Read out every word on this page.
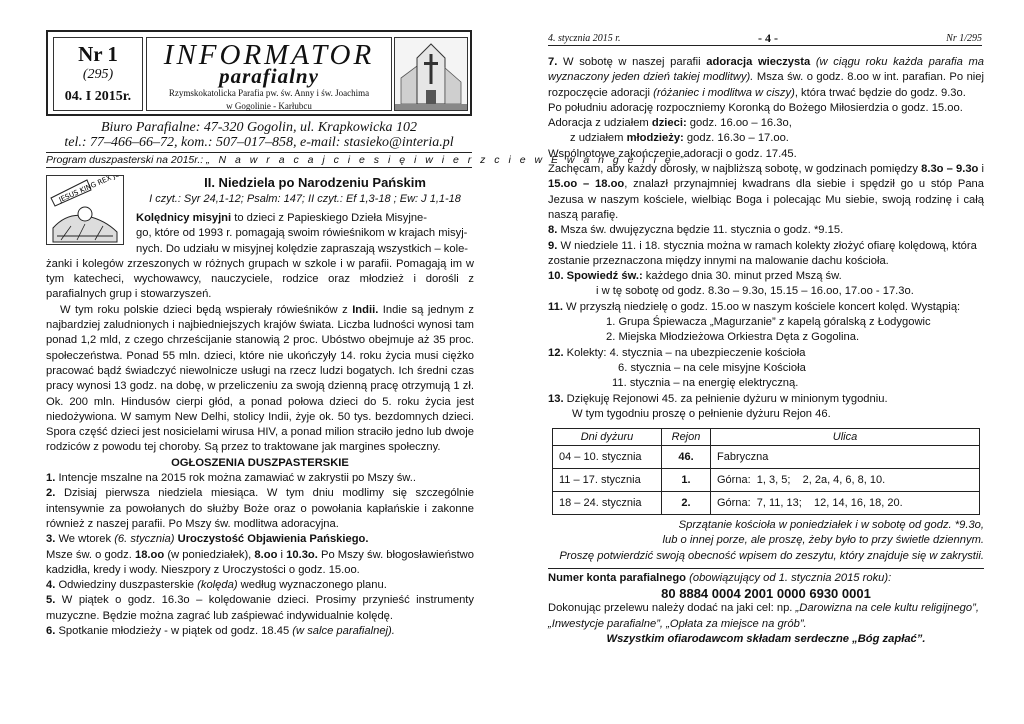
Nr 1
(295)
04. I 2015r.
INFORMATOR
parafialny
Rzymskokatolicka Parafia pw. św. Anny i św. Joachima
w Gogolinie - Karłubcu
Biuro Parafialne: 47-320 Gogolin, ul. Krapkowicka 102
tel.: 77–466–66–72, kom.: 507–017–858, e-mail: stasieko@interia.pl
Program duszpasterski na 2015r.: „ N a w r a c a j c i e s i ę i w i e r z c i e w E w a n g e l i ę ”
JESUS KING REX	II. Niedziela po Narodzeniu Pańskim
I czyt.: Syr 24,1-12; Psalm: 147; II czyt.: Ef 1,3-18 ; Ew: J 1,1-18

Kolędnicy misyjni to dzieci z Papieskiego Dzieła Misyjne-

go, które od 1993 r. pomagają swoim rówieśnikom w krajach misyj-

nych. Do udziału w misyjnej kolędzie zapraszają wszystkich – kole-

żanki i kolegów zrzeszonych w różnych grupach w szkole i w parafii. Pomagają im w tym katecheci, wychowawcy, nauczyciele, rodzice oraz młodzież i dorośli z parafialnych grup i stowarzyszeń.

W tym roku polskie dzieci będą wspierały rówieśników z Indii. Indie są jednym z najbardziej zaludnionych i najbiedniejszych krajów świata. Liczba ludności wynosi tam ponad 1,2 mld, z czego chrześcijanie stanowią 2 proc. Ubóstwo obejmuje aż 35 proc. społeczeństwa. Ponad 55 mln. dzieci, które nie ukończyły 14. roku życia musi ciężko pracować bądź świadczyć niewolnicze usługi na rzecz ludzi bogatych. Ich średni czas pracy wynosi 13 godz. na dobę, w przeliczeniu za swoją dzienną pracę otrzymują 1 zł. Ok. 200 mln. Hindusów cierpi głód, a ponad połowa dzieci do 5. roku życia jest niedożywiona. W samym New Delhi, stolicy Indii, żyje ok. 50 tys. bezdomnych dzieci. Spora część dzieci jest nosicielami wirusa HIV, a ponad milion straciło jedno lub dwoje rodziców z powodu tej choroby. Są przez to traktowane jak margines społeczny.

OGŁOSZENIA DUSZPASTERSKIE

1. Intencje mszalne na 2015 rok można zamawiać w zakrystii po Mszy św..

2. Dzisiaj pierwsza niedziela miesiąca. W tym dniu modlimy się szczególnie intensywnie za powołanych do służby Boże oraz o powołania kapłańskie i zakonne również z naszej parafii. Po Mszy św. modlitwa adoracyjna.

3. We wtorek (6. stycznia) Uroczystość Objawienia Pańskiego.

Msze św. o godz. 18.oo (w poniedziałek), 8.oo i 10.3o. Po Mszy św. błogosławieństwo kadzidła, kredy i wody. Nieszpory z Uroczystości o godz. 15.oo.

4. Odwiedziny duszpasterskie (kolęda) według wyznaczonego planu.

5. W piątek o godz. 16.3o – kolędowanie dzieci. Prosimy przynieść instrumenty muzyczne. Będzie można zagrać lub zaśpiewać indywidualnie kolędę.

6. Spotkanie młodzieży - w piątek od godz. 18.45 (w salce parafialnej).

4. stycznia 2015 r.	- 4 -	Nr 1/295

7. W sobotę w naszej parafii adoracja wieczysta (w ciągu roku każda parafia ma wyznaczony jeden dzień takiej modlitwy). Msza św. o godz. 8.oo w int. parafian. Po niej rozpoczęcie adoracji (różaniec i modlitwa w ciszy), która trwać będzie do godz. 9.3o.

Po południu adorację rozpoczniemy Koronką do Bożego Miłosierdzia o godz. 15.oo.

Adoracja z udziałem dzieci: godz. 16.oo – 16.3o,

z udziałem młodzieży: godz. 16.3o – 17.oo.

Wspólnotowe zakończenie adoracji o godz. 17.45.

Zachęcam, aby każdy dorosły, w najbliższą sobotę, w godzinach pomiędzy 8.3o – 9.3o i 15.oo – 18.oo, znalazł przynajmniej kwadrans dla siebie i spędził go u stóp Pana Jezusa w naszym kościele, wielbiąc Boga i polecając Mu siebie, swoją rodzinę i całą naszą parafię.

8. Msza św. dwujęzyczna będzie 11. stycznia o godz. *9.15.

9. W niedziele 11. i 18. stycznia można w ramach kolekty złożyć ofiarę kolędową, która zostanie przeznaczona między innymi na malowanie dachu kościoła.

10. Spowiedź św.: każdego dnia 30. minut przed Mszą św.

i w tę sobotę od godz. 8.3o – 9.3o, 15.15 – 16.oo, 17.oo - 17.3o.

11. W przyszłą niedzielę o godz. 15.oo w naszym kościele koncert kolęd. Wystąpią:

1. Grupa Śpiewacza „Magurzanie” z kapelą góralską z Łodygowic

2. Miejska Młodzieżowa Orkiestra Dęta z Gogolina.

12. Kolekty: 4. stycznia – na ubezpieczenie kościoła

6. stycznia – na cele misyjne Kościoła

11. stycznia – na energię elektryczną.

13. Dziękuję Rejonowi 45. za pełnienie dyżuru w minionym tygodniu.

W tym tygodniu proszę o pełnienie dyżuru Rejon 46.

Dni dyżuru	Rejon	Ulica
04 – 10. stycznia	46.	Fabryczna
11 – 17. stycznia	1.	Górna:  1, 3, 5;    2, 2a, 4, 6, 8, 10.
18 – 24. stycznia	2.	Górna:  7, 11, 13;    12, 14, 16, 18, 20.

Sprzątanie kościoła w poniedziałek i w sobotę od godz. *9.3o,

lub o innej porze, ale proszę, żeby było to przy świetle dziennym.

Proszę potwierdzić swoją obecność wpisem do zeszytu, który znajduje się w zakrystii.

Numer konta parafialnego (obowiązujący od 1. stycznia 2015 roku):

80 8884 0004 2001 0000 6930 0001

Dokonując przelewu należy dodać na jaki cel: np. „Darowizna na cele kultu religijnego”, „Inwestycje parafialne”, „Opłata za miejsce na grób”.

Wszystkim ofiarodawcom składam serdeczne „Bóg zapłać”.
